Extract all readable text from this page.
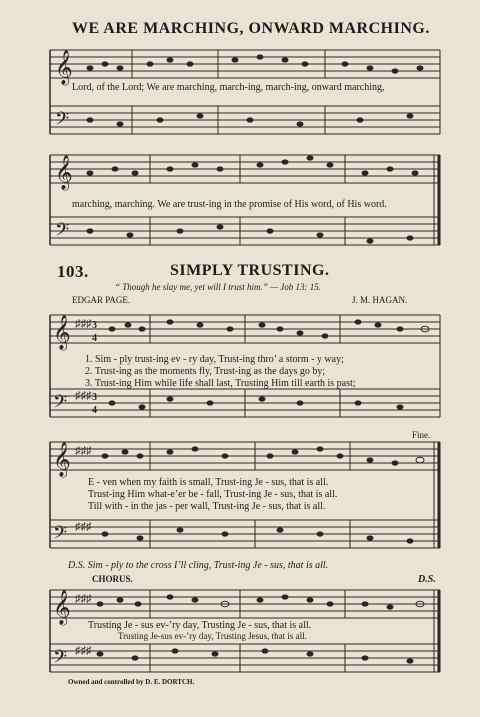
WE ARE MARCHING, ONWARD MARCHING.
𝄞
𝄢
Lord, of the Lord; We are marching, march-ing, march-ing, onward marching,
𝄞
𝄢
marching, marching. We are trust-ing in the promise of His word, of His word.
103.	SIMPLY TRUSTING.
“ Though he slay me, yet will I trust him.” — Job 13: 15.
EDGAR PAGE.	J. M. HAGAN.
𝄞 ♯♯♯ 3
4
𝄢 ♯♯♯ 3
4
1. Sim - ply trust-ing ev - ry day, Trust-ing thro’ a storm - y way;
2. Trust-ing as the moments fly, Trust-ing as the days go by;
3. Trust-ing Him while life shall last, Trusting Him till earth is past;
Fine.
𝄞 ♯♯♯
𝄢 ♯♯♯
E - ven when my faith is small, Trust-ing Je - sus, that is all.
Trust-ing Him what-e’er be - fall, Trust-ing Je - sus, that is all.
Till with - in the jas - per wall, Trust-ing Je - sus, that is all.
D.S. Sim - ply to the cross I’ll cling, Trust-ing Je - sus, that is all.
CHORUS.	D.S.
𝄞 ♯♯♯
𝄢 ♯♯♯
Trusting Je - sus ev-’ry day, Trusting Je - sus, that is all.
Trusting Je-sus ev-’ry day, Trusting Jesus, that is all.
Owned and controlled by D. E. DORTCH.
